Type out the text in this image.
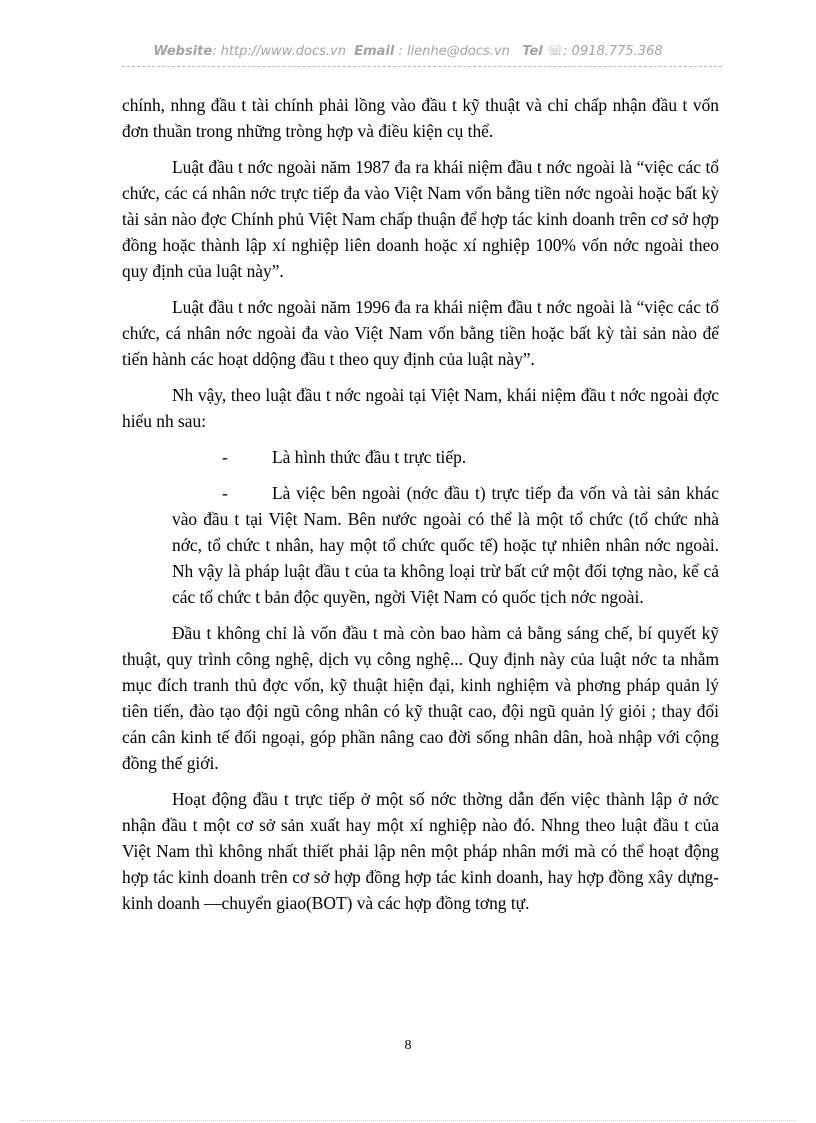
Website: http://www.docs.vn Email : lienhe@docs.vn Tel ☏: 0918.775.368

chính, nhng đầu t tài chính phải lồng vào đầu t kỹ thuật và chỉ chấp nhận đầu t vốn đơn thuần trong những tròng hợp và điều kiện cụ thể.

Luật đầu t nớc ngoài năm 1987 đa ra khái niệm đầu t nớc ngoài là “việc các tổ chức, các cá nhân nớc trực tiếp đa vào Việt Nam vốn bằng tiền nớc ngoài hoặc bất kỳ tài sản nào đợc Chính phủ Việt Nam chấp thuận để hợp tác kinh doanh trên cơ sở hợp đồng hoặc thành lập xí nghiệp liên doanh hoặc xí nghiệp 100% vốn nớc ngoài theo quy định của luật này”.

Luật đầu t nớc ngoài năm 1996 đa ra khái niệm đầu t nớc ngoài là “việc các tổ chức, cá nhân nớc ngoài đa vào Việt Nam vốn bằng tiền hoặc bất kỳ tài sản nào để tiến hành các hoạt ddộng đầu t theo quy định của luật này”.

Nh vậy, theo luật đầu t nớc ngoài tại Việt Nam, khái niệm đầu t nớc ngoài đợc hiểu nh sau:

-	Là hình thức đầu t trực tiếp.

-	Là việc bên ngoài (nớc đầu t) trực tiếp đa vốn và tài sản khác vào đầu t tại Việt Nam. Bên nước ngoài có thể là một tổ chức (tổ chức nhà nớc, tổ chức t nhân, hay một tổ chức quốc tế) hoặc tự nhiên nhân nớc ngoài. Nh vậy là pháp luật đầu t của ta không loại trừ bất cứ một đối tợng nào, kể cả các tổ chức t bản độc quyền, ngời Việt Nam có quốc tịch nớc ngoài.

Đầu t không chỉ là vốn đầu t mà còn bao hàm cả bằng sáng chế, bí quyết kỹ thuật, quy trình công nghệ, dịch vụ công nghệ... Quy định này của luật nớc ta nhằm mục đích tranh thủ đợc vốn, kỹ thuật hiện đại, kinh nghiệm và phơng pháp quản lý tiên tiến, đào tạo đội ngũ công nhân có kỹ thuật cao, đội ngũ quản lý giỏi ; thay đổi cán cân kinh tế đối ngoại, góp phần nâng cao đời sống nhân dân, hoà nhập với cộng đồng thế giới.

Hoạt động đầu t trực tiếp ở một số nớc thờng dẫn đến việc thành lập ở nớc nhận đầu t một cơ sở sản xuất hay một xí nghiệp nào đó. Nhng theo luật đầu t của Việt Nam thì không nhất thiết phải lập nên một pháp nhân mới mà có thể hoạt động hợp tác kinh doanh trên cơ sở hợp đồng hợp tác kinh doanh, hay hợp đồng xây dựng- kinh doanh —chuyển giao(BOT) và các hợp đồng tơng tự.

8
